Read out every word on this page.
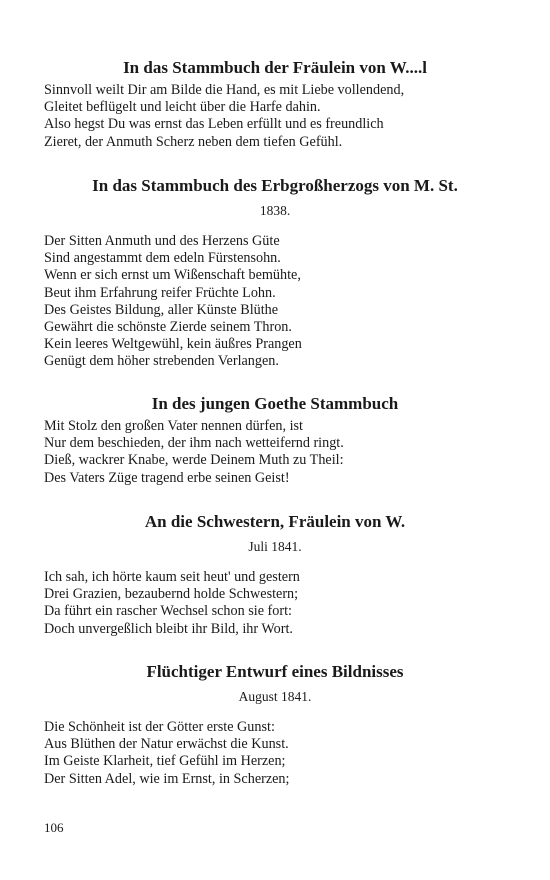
In das Stammbuch der Fräulein von W....l
Sinnvoll weilt Dir am Bilde die Hand, es mit Liebe vollendend,
Gleitet beflügelt und leicht über die Harfe dahin.
Also hegst Du was ernst das Leben erfüllt und es freundlich
Zieret, der Anmuth Scherz neben dem tiefen Gefühl.
In das Stammbuch des Erbgroßherzogs von M. St.

1838.

Der Sitten Anmuth und des Herzens Güte
Sind angestammt dem edeln Fürstensohn.
Wenn er sich ernst um Wißenschaft bemühte,
Beut ihm Erfahrung reifer Früchte Lohn.
Des Geistes Bildung, aller Künste Blüthe
Gewährt die schönste Zierde seinem Thron.
Kein leeres Weltgewühl, kein äußres Prangen
Genügt dem höher strebenden Verlangen.
In des jungen Goethe Stammbuch
Mit Stolz den großen Vater nennen dürfen, ist
Nur dem beschieden, der ihm nach wetteifernd ringt.
Dieß, wackrer Knabe, werde Deinem Muth zu Theil:
Des Vaters Züge tragend erbe seinen Geist!
An die Schwestern, Fräulein von W.

Juli 1841.

Ich sah, ich hörte kaum seit heut' und gestern
Drei Grazien, bezaubernd holde Schwestern;
Da führt ein rascher Wechsel schon sie fort:
Doch unvergeßlich bleibt ihr Bild, ihr Wort.
Flüchtiger Entwurf eines Bildnisses

August 1841.

Die Schönheit ist der Götter erste Gunst:
Aus Blüthen der Natur erwächst die Kunst.
Im Geiste Klarheit, tief Gefühl im Herzen;
Der Sitten Adel, wie im Ernst, in Scherzen;
106
